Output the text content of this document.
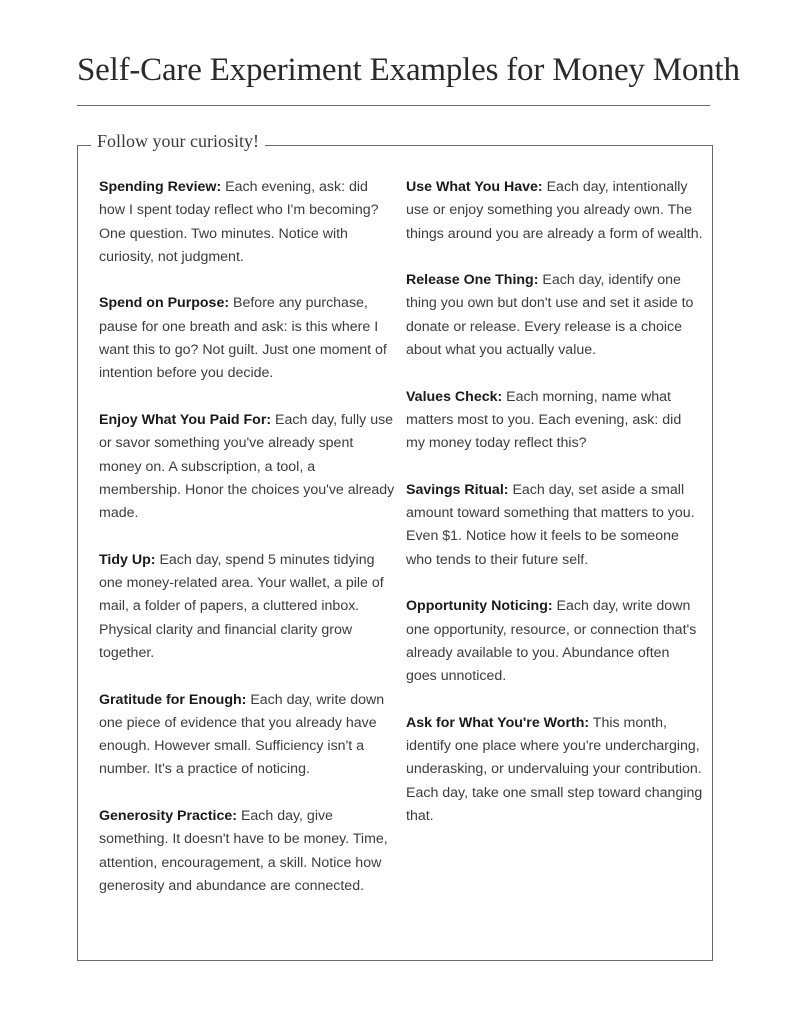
Self-Care Experiment Examples for Money Month
Follow your curiosity!

Spending Review: Each evening, ask: did how I spent today reflect who I'm becoming? One question. Two minutes. Notice with curiosity, not judgment.

Spend on Purpose: Before any purchase, pause for one breath and ask: is this where I want this to go? Not guilt. Just one moment of intention before you decide.

Enjoy What You Paid For: Each day, fully use or savor something you've already spent money on. A subscription, a tool, a membership. Honor the choices you've already made.

Tidy Up: Each day, spend 5 minutes tidying one money-related area. Your wallet, a pile of mail, a folder of papers, a cluttered inbox. Physical clarity and financial clarity grow together.

Gratitude for Enough: Each day, write down one piece of evidence that you already have enough. However small. Sufficiency isn't a number. It's a practice of noticing.

Generosity Practice: Each day, give something. It doesn't have to be money. Time, attention, encouragement, a skill. Notice how generosity and abundance are connected.

Use What You Have: Each day, intentionally use or enjoy something you already own. The things around you are already a form of wealth.

Release One Thing: Each day, identify one thing you own but don't use and set it aside to donate or release. Every release is a choice about what you actually value.

Values Check: Each morning, name what matters most to you. Each evening, ask: did my money today reflect this?

Savings Ritual: Each day, set aside a small amount toward something that matters to you. Even $1. Notice how it feels to be someone who tends to their future self.

Opportunity Noticing: Each day, write down one opportunity, resource, or connection that's already available to you. Abundance often goes unnoticed.

Ask for What You're Worth: This month, identify one place where you're undercharging, underasking, or undervaluing your contribution. Each day, take one small step toward changing that.
